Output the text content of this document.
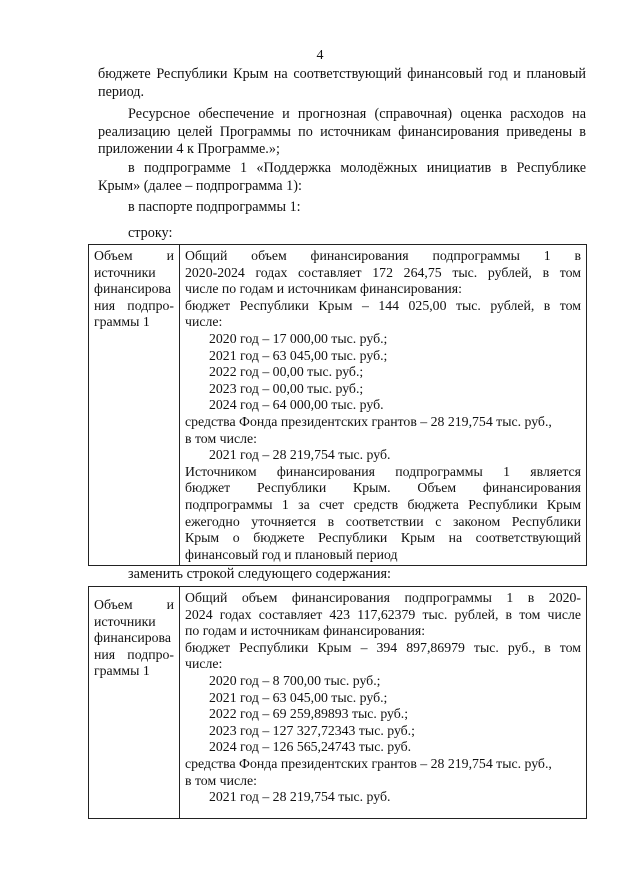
4
бюджете Республики Крым на соответствующий финансовый год и плановый
период.
Ресурсное обеспечение и прогнозная (справочная) оценка расходов на реализацию целей Программы по источникам финансирования приведены в приложении 4 к Программе.»;
в подпрограмме 1 «Поддержка молодёжных инициатив в Республике Крым» (далее – подпрограмма 1):
в паспорте подпрограммы 1:
строку:
Объем и
источники
финансирова
ния подпро-
граммы 1

Общий объем финансирования подпрограммы 1 в
2020-2024 годах составляет 172 264,75 тыс. рублей, в том
числе по годам и источникам финансирования:
бюджет Республики Крым – 144 025,00 тыс. рублей, в том
числе:
2020 год – 17 000,00 тыс. руб.;
2021 год – 63 045,00 тыс. руб.;
2022 год – 00,00 тыс. руб.;
2023 год – 00,00 тыс. руб.;
2024 год – 64 000,00 тыс. руб.
средства Фонда президентских грантов – 28 219,754 тыс. руб.,
в том числе:
2021 год – 28 219,754 тыс. руб.
Источником финансирования подпрограммы 1 является
бюджет Республики Крым. Объем финансирования
подпрограммы 1 за счет средств бюджета Республики Крым
ежегодно уточняется в соответствии с законом Республики
Крым о бюджете Республики Крым на соответствующий
финансовый год и плановый период
заменить строкой следующего содержания:
Объем и
источники
финансирова
ния подпро-
граммы 1

Общий объем финансирования подпрограммы 1 в 2020-
2024 годах составляет 423 117,62379 тыс. рублей, в том числе
по годам и источникам финансирования:
бюджет Республики Крым – 394 897,86979 тыс. руб., в том
числе:
2020 год – 8 700,00 тыс. руб.;
2021 год – 63 045,00 тыс. руб.;
2022 год – 69 259,89893 тыс. руб.;
2023 год – 127 327,72343 тыс. руб.;
2024 год – 126 565,24743 тыс. руб.
средства Фонда президентских грантов – 28 219,754 тыс. руб.,
в том числе:
2021 год – 28 219,754 тыс. руб.
